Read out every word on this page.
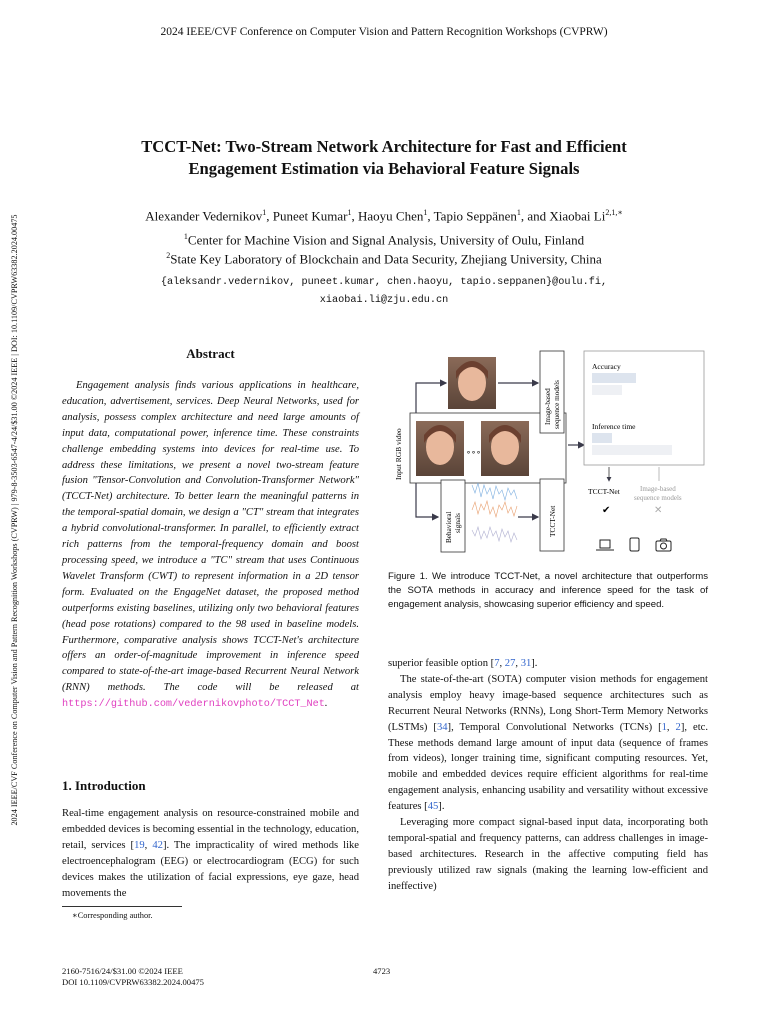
2024 IEEE/CVF Conference on Computer Vision and Pattern Recognition Workshops (CVPRW)
2024 IEEE/CVF Conference on Computer Vision and Pattern Recognition Workshops (CVPRW) | 979-8-3503-6547-4/24/$31.00 ©2024 IEEE | DOI: 10.1109/CVPRW63382.2024.00475
TCCT-Net: Two-Stream Network Architecture for Fast and Efficient
Engagement Estimation via Behavioral Feature Signals
Alexander Vedernikov$^1$, Puneet Kumar$^1$, Haoyu Chen$^1$, Tapio Seppänen$^1$, and Xiaobai $Li^{2,1,∗}$
$^1$Center for Machine Vision and Signal Analysis, University of Oulu, Finland
$^2$State Key Laboratory of Blockchain and Data Security, Zhejiang University, China
{aleksandr.vedernikov, puneet.kumar, chen.haoyu, tapio.seppanen}@oulu.fi,
xiaobai.li@zju.edu.cn
Abstract

Engagement analysis finds various applications in healthcare, education, advertisement, services. Deep Neural Networks, used for analysis, possess complex architecture and need large amounts of input data, computational power, inference time. These constraints challenge embedding systems into devices for real-time use. To address these limitations, we present a novel two-stream feature fusion "Tensor-Convolution and Convolution-Transformer Network" (TCCT-Net) architecture. To better learn the meaningful patterns in the temporal-spatial domain, we design a "CT" stream that integrates a hybrid convolutional-transformer. In parallel, to efficiently extract rich patterns from the temporal-frequency domain and boost processing speed, we introduce a "TC" stream that uses Continuous Wavelet Transform (CWT) to represent information in a 2D tensor form. Evaluated on the EngageNet dataset, the proposed method outperforms existing baselines, utilizing only two behavioral features (head pose rotations) compared to the 98 used in baseline models. Furthermore, comparative analysis shows TCCT-Net's architecture offers an order-of-magnitude improvement in inference speed compared to state-of-the-art image-based Recurrent Neural Network (RNN) methods. The code will be released at https://github.com/vedernikovphoto/TCCT_Net.

1. Introduction

Real-time engagement analysis on resource-constrained mobile and embedded devices is becoming essential in the technology, education, retail, services [19, 42]. The impracticality of wired methods like electroencephalogram (EEG) or electrocardiogram (ECG) for such devices makes the utilization of facial expressions, eye gaze, head movements the

∗Corresponding author.
2160-7516/24/$31.00 ©2024 IEEE
DOI 10.1109/CVPRW63382.2024.00475
4723
Input RGB video	∘∘∘
Behavioral signals
Image-based sequence models
TCCT-Net
Accuracy
Inference time
TCCT-Net	Image-based
sequence models
✔	✕

Figure 1. We introduce TCCT-Net, a novel architecture that outperforms the SOTA methods in accuracy and inference speed for the task of engagement analysis, showcasing superior efficiency and speed.

superior feasible option [7, 27, 31].

The state-of-the-art (SOTA) computer vision methods for engagement analysis employ heavy image-based sequence architectures such as Recurrent Neural Networks (RNNs), Long Short-Term Memory Networks (LSTMs) [34], Temporal Convolutional Networks (TCNs) [1, 2], etc. These methods demand large amount of input data (sequence of frames from videos), longer training time, significant computing resources. Yet, mobile and embedded devices require efficient algorithms for real-time engagement analysis, enhancing usability and versatility without excessive features [45].

Leveraging more compact signal-based input data, incorporating both temporal-spatial and frequency patterns, can address challenges in image-based architectures. Research in the affective computing field has previously utilized raw signals (making the learning low-efficient and ineffective)
